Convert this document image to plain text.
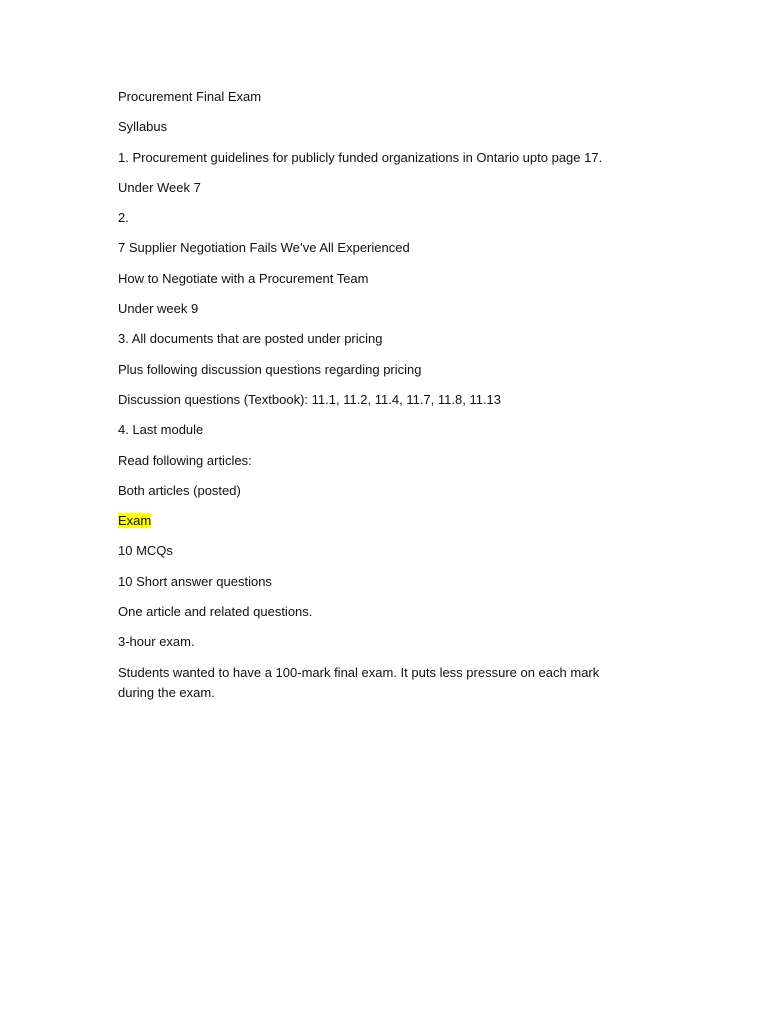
Procurement Final Exam

Syllabus

1. Procurement guidelines for publicly funded organizations in Ontario upto page 17.

Under Week 7

2.

7 Supplier Negotiation Fails We’ve All Experienced

How to Negotiate with a Procurement Team

Under week 9

3. All documents that are posted under pricing

Plus following discussion questions regarding pricing

Discussion questions (Textbook): 11.1, 11.2, 11.4, 11.7, 11.8, 11.13

4. Last module

Read following articles:

Both articles (posted)

Exam

10 MCQs

10 Short answer questions

One article and related questions.

3-hour exam.

Students wanted to have a 100-mark final exam. It puts less pressure on each mark during the exam.
